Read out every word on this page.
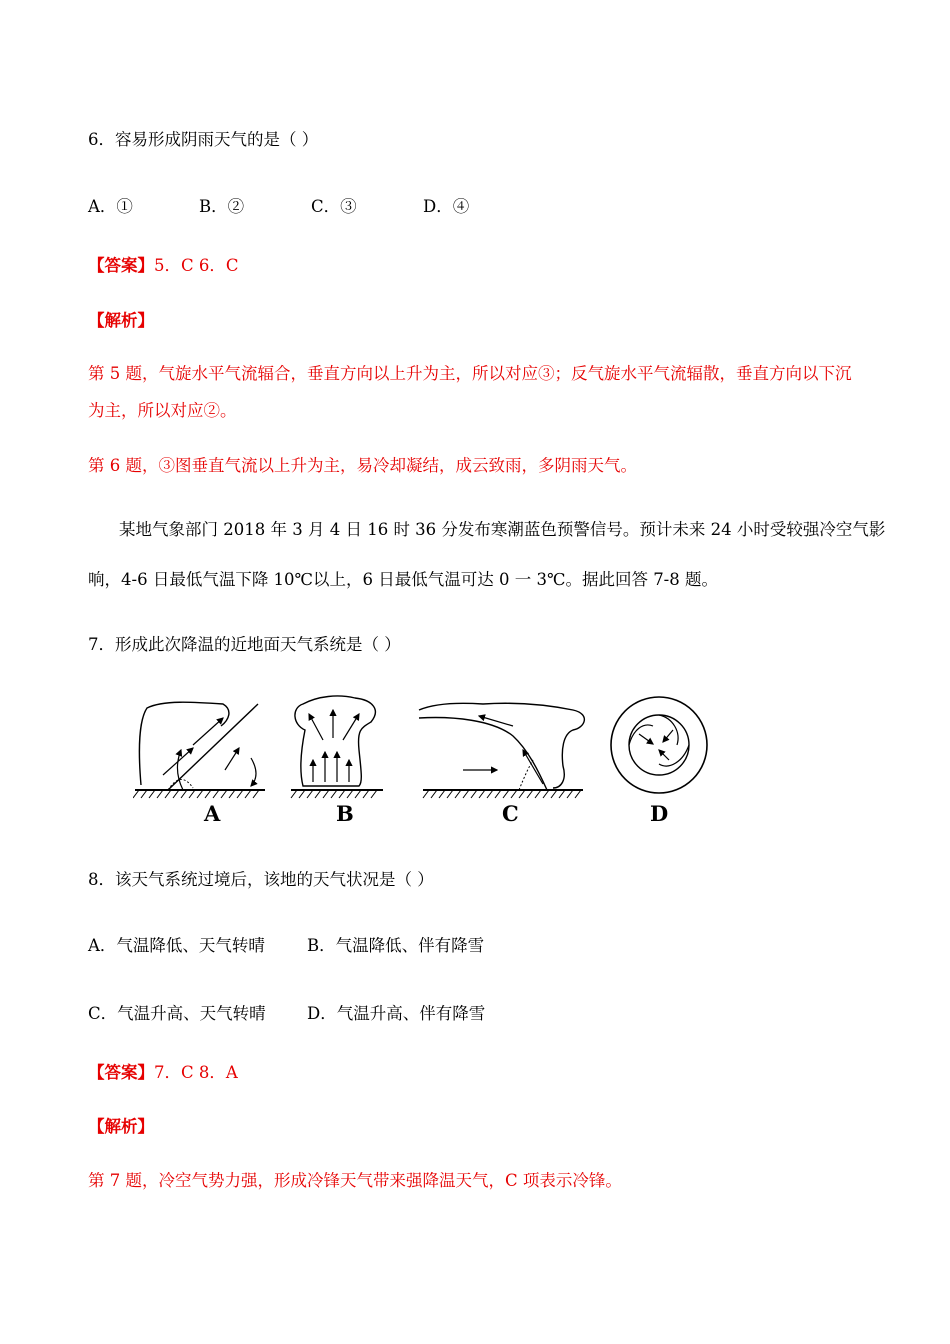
6．容易形成阴雨天气的是（ ）
A．①	B．②	C．③	D．④
【答案】5．C 6．C
【解析】
第 5 题，气旋水平气流辐合，垂直方向以上升为主，所以对应③；反气旋水平气流辐散，垂直方向以下沉
为主，所以对应②。
第 6 题，③图垂直气流以上升为主，易冷却凝结，成云致雨，多阴雨天气。
某地气象部门 2018 年 3 月 4 日 16 时 36 分发布寒潮蓝色预警信号。预计未来 24 小时受较强冷空气影
响，4-6 日最低气温下降 10℃以上，6 日最低气温可达 0 一 3℃。据此回答 7-8 题。
7．形成此次降温的近地面天气系统是（ ）
A	B	C	D
8．该天气系统过境后，该地的天气状况是（ ）
A．气温降低、天气转晴	B．气温降低、伴有降雪
C．气温升高、天气转晴	D．气温升高、伴有降雪
【答案】7．C 8．A
【解析】
第 7 题，冷空气势力强，形成冷锋天气带来强降温天气，C 项表示冷锋。
